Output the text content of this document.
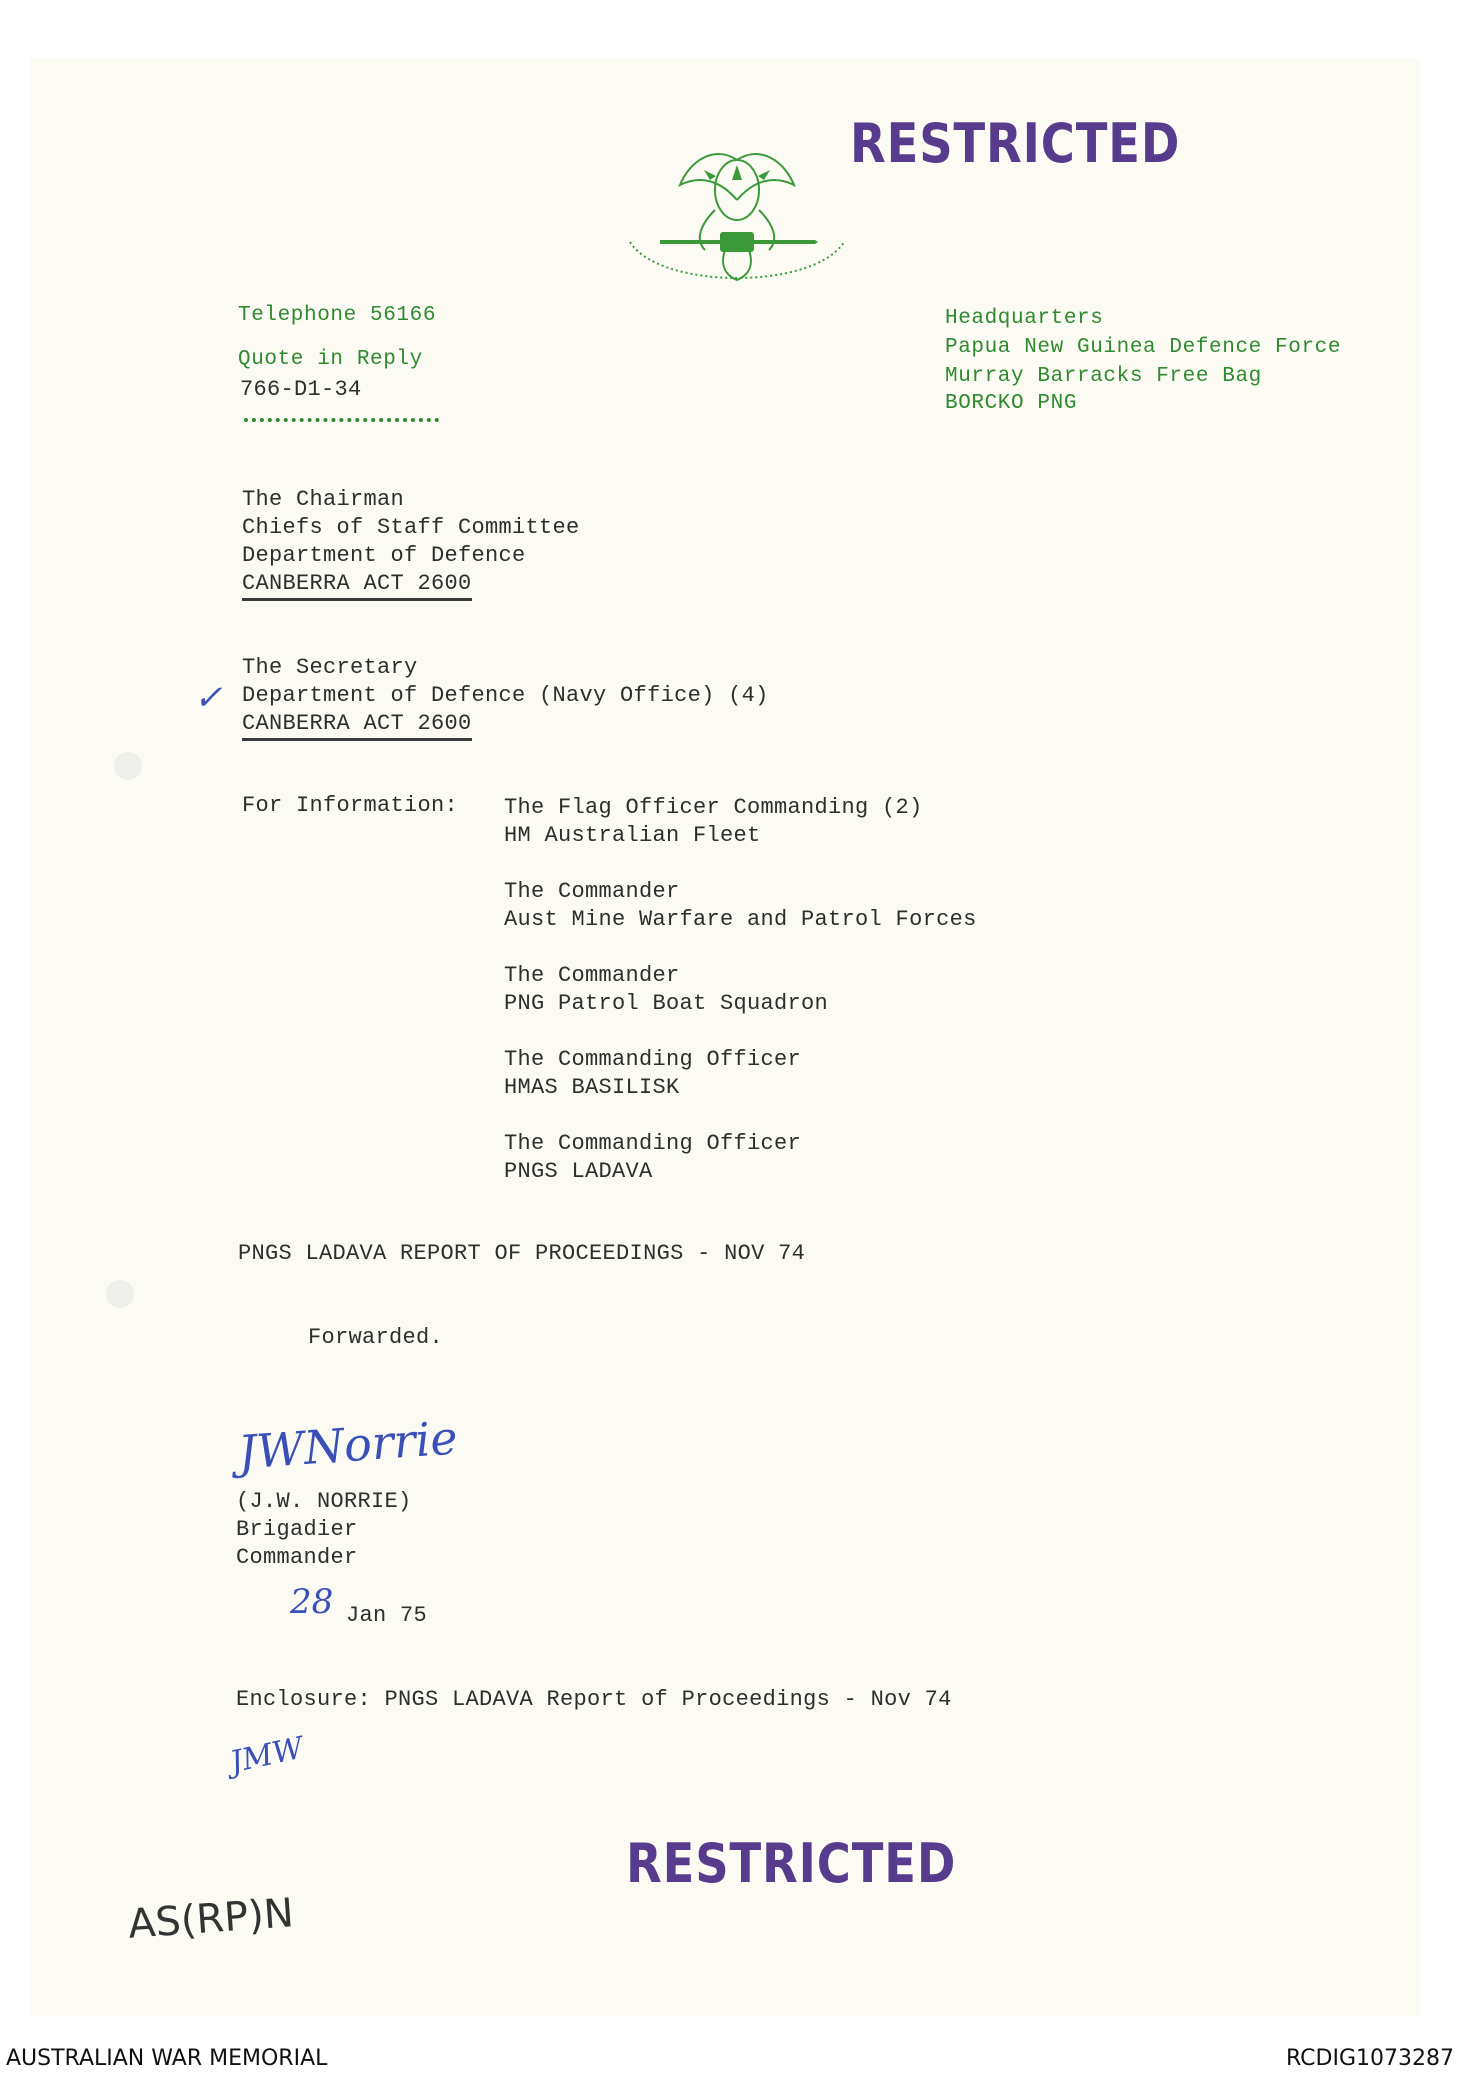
RESTRICTED
Telephone 56166
Quote in Reply
766-D1-34
Headquarters
Papua New Guinea Defence Force
Murray Barracks Free Bag
BORCKO PNG
The Chairman
Chiefs of Staff Committee
Department of Defence
CANBERRA ACT 2600
✓
The Secretary
Department of Defence (Navy Office) (4)
CANBERRA ACT 2600
For Information: The Flag Officer Commanding (2)
HM Australian Fleet
The Commander
Aust Mine Warfare and Patrol Forces
The Commander
PNG Patrol Boat Squadron
The Commanding Officer
HMAS BASILISK
The Commanding Officer
PNGS LADAVA
PNGS LADAVA REPORT OF PROCEEDINGS - NOV 74
Forwarded.
JWNorrie
(J.W. NORRIE)
Brigadier
Commander
28 Jan 75
Enclosure: PNGS LADAVA Report of Proceedings - Nov 74
JMW
RESTRICTED
AS(RP)N
AUSTRALIAN WAR MEMORIAL	RCDIG1073287
